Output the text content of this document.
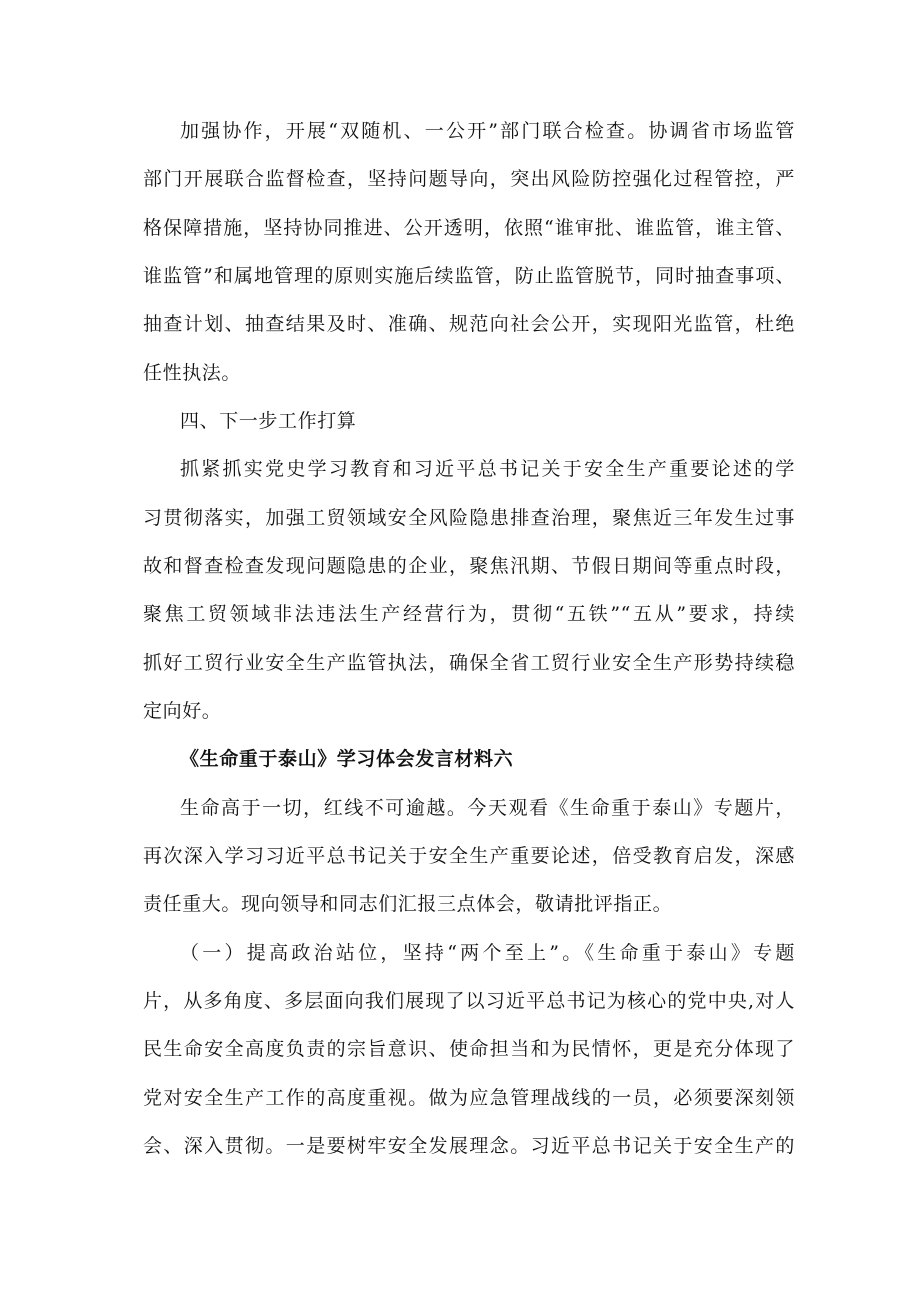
加强协作，开展“双随机、一公开”部门联合检查。协调省市场监管
部门开展联合监督检查，坚持问题导向，突出风险防控强化过程管控，严
格保障措施，坚持协同推进、公开透明，依照“谁审批、谁监管，谁主管、
谁监管”和属地管理的原则实施后续监管，防止监管脱节，同时抽查事项、
抽查计划、抽查结果及时、准确、规范向社会公开，实现阳光监管，杜绝
任性执法。
四、下一步工作打算
抓紧抓实党史学习教育和习近平总书记关于安全生产重要论述的学
习贯彻落实，加强工贸领域安全风险隐患排查治理，聚焦近三年发生过事
故和督查检查发现问题隐患的企业，聚焦汛期、节假日期间等重点时段，
聚焦工贸领域非法违法生产经营行为，贯彻“五铁”“五从”要求，持续
抓好工贸行业安全生产监管执法，确保全省工贸行业安全生产形势持续稳
定向好。
《生命重于泰山》学习体会发言材料六
生命高于一切，红线不可逾越。今天观看《生命重于泰山》专题片，
再次深入学习习近平总书记关于安全生产重要论述，倍受教育启发，深感
责任重大。现向领导和同志们汇报三点体会，敬请批评指正。
（一）提高政治站位，坚持“两个至上”。《生命重于泰山》专题
片，从多角度、多层面向我们展现了以习近平总书记为核心的党中央,对人
民生命安全高度负责的宗旨意识、使命担当和为民情怀，更是充分体现了
党对安全生产工作的高度重视。做为应急管理战线的一员，必须要深刻领
会、深入贯彻。一是要树牢安全发展理念。习近平总书记关于安全生产的
